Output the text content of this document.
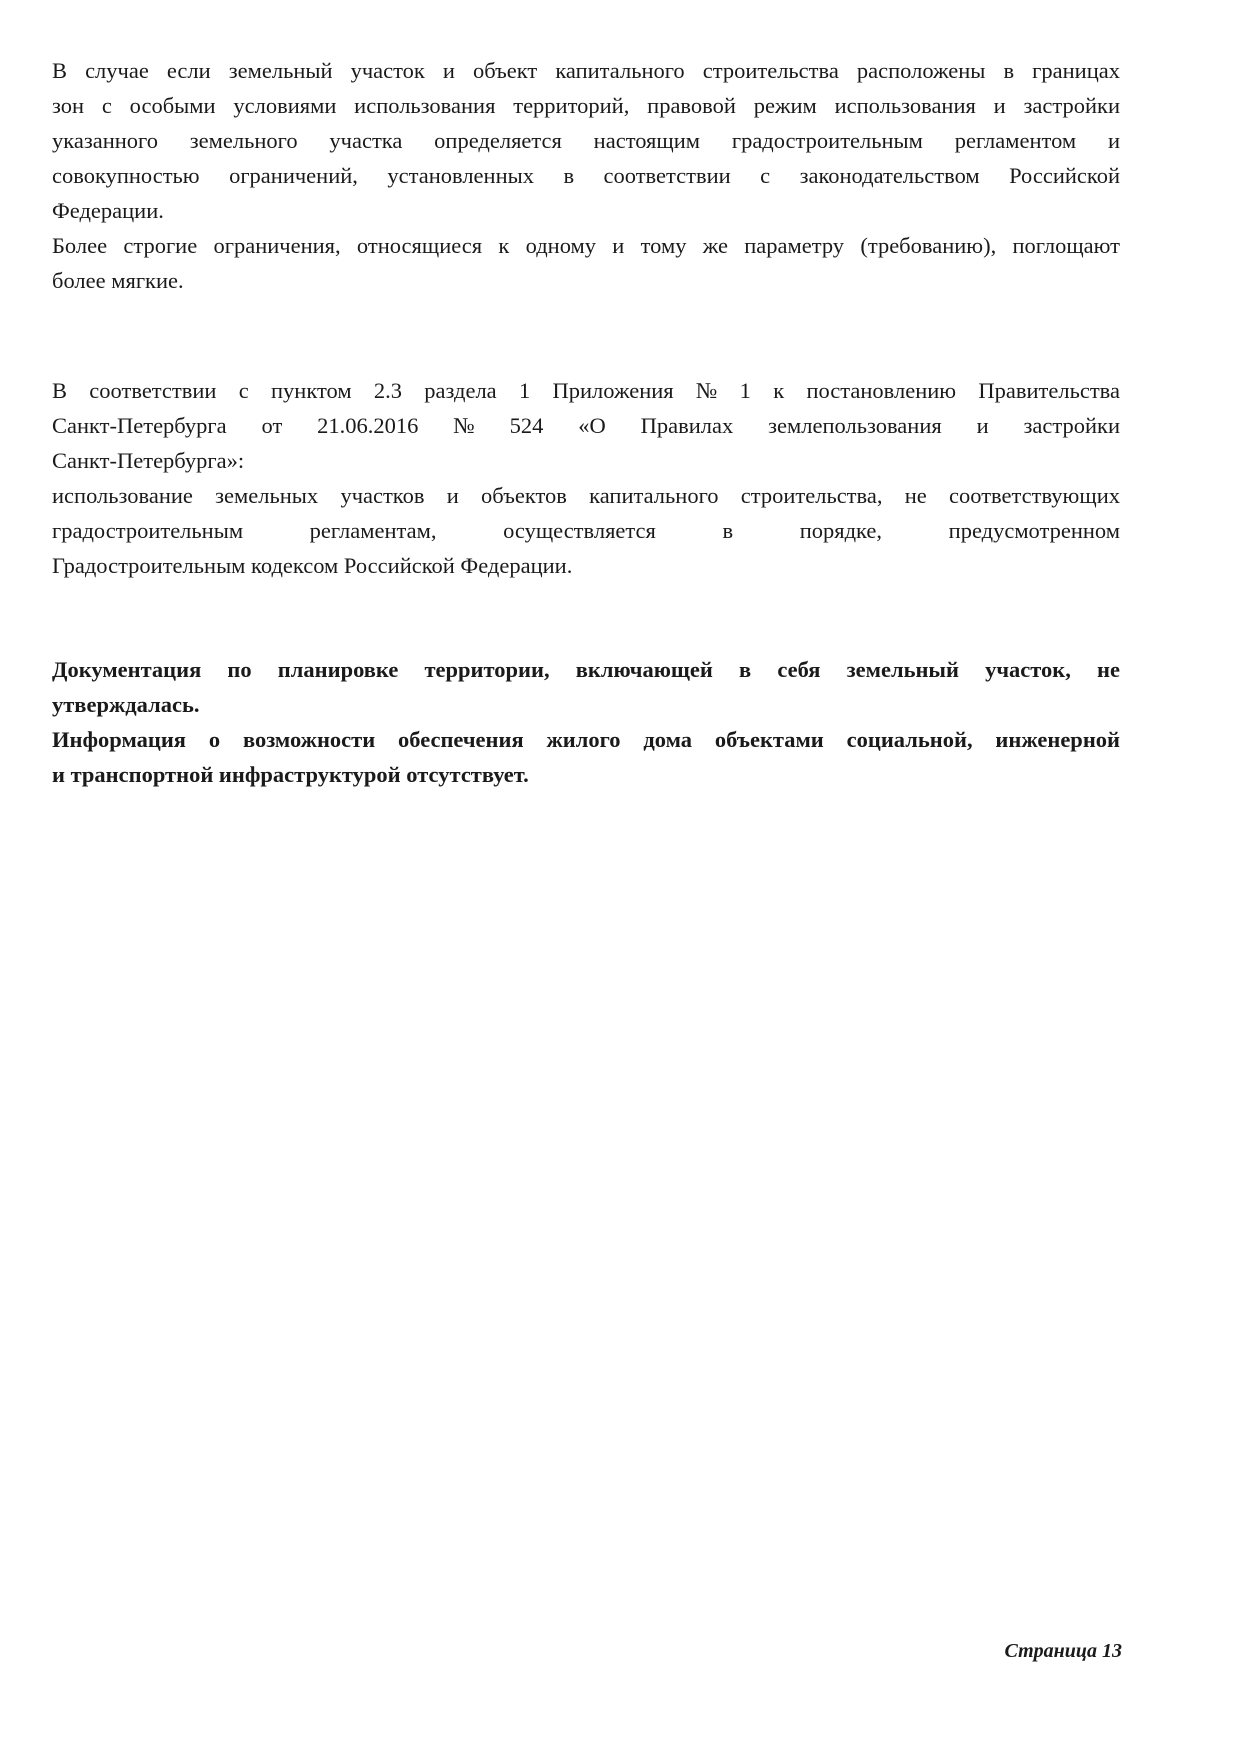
В случае если земельный участок и объект капитального строительства расположены в границах
зон с особыми условиями использования территорий, правовой режим использования и застройки
указанного земельного участка определяется настоящим градостроительным регламентом и
совокупностью ограничений, установленных в соответствии с законодательством Российской
Федерации.
Более строгие ограничения, относящиеся к одному и тому же параметру (требованию), поглощают
более мягкие.
В соответствии с пунктом 2.3 раздела 1 Приложения № 1 к постановлению Правительства
Санкт-Петербурга от 21.06.2016 № 524 «О Правилах землепользования и застройки
Санкт-Петербурга»:
использование земельных участков и объектов капитального строительства, не соответствующих
градостроительным регламентам, осуществляется в порядке, предусмотренном
Градостроительным кодексом Российской Федерации.
Документация по планировке территории, включающей в себя земельный участок, не
утверждалась.
Информация о возможности обеспечения жилого дома объектами социальной, инженерной
и транспортной инфраструктурой отсутствует.
Страница 13
